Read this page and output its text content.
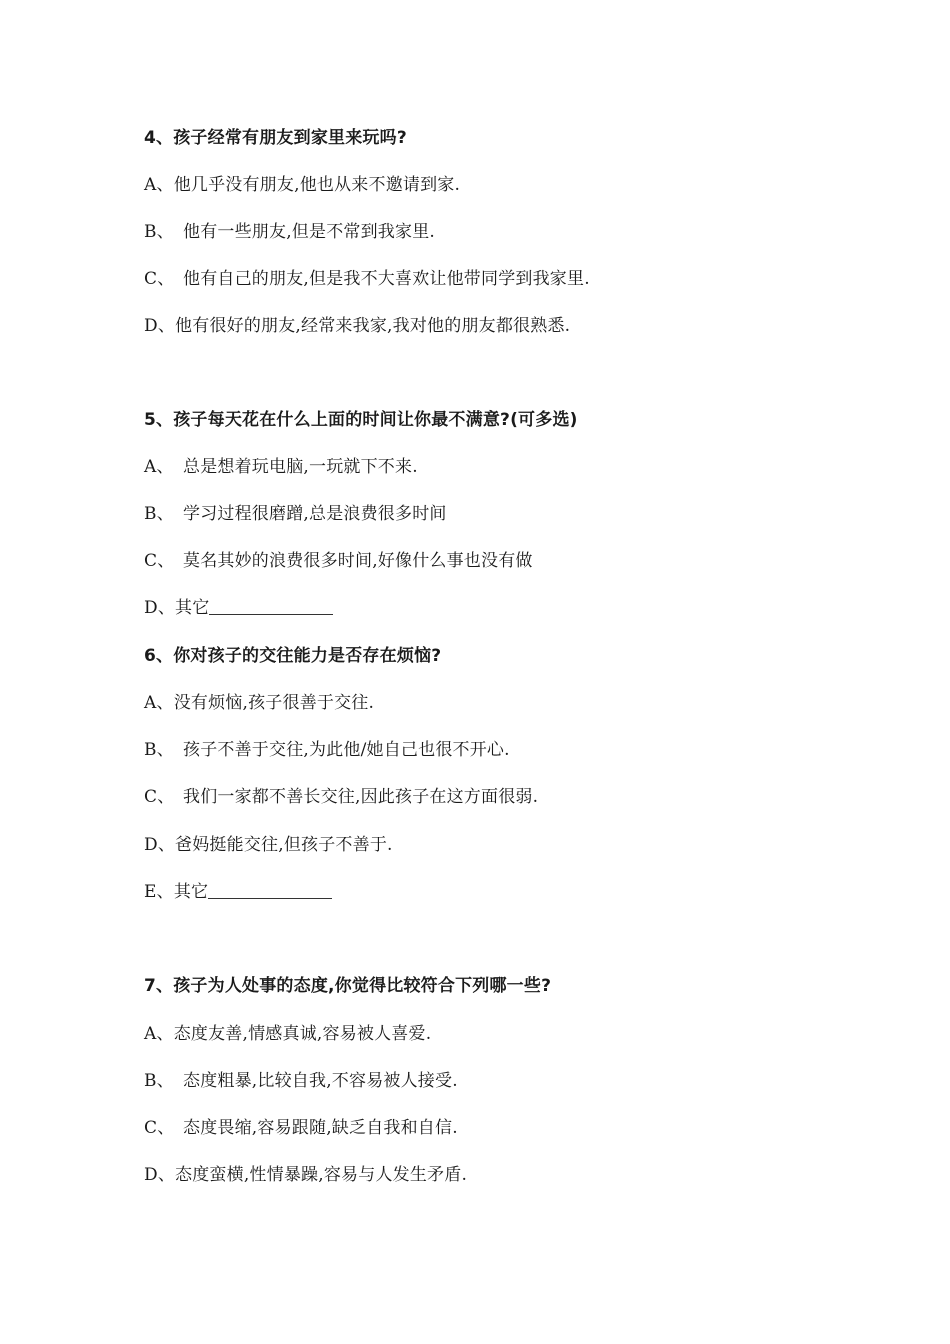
4、孩子经常有朋友到家里来玩吗?
A、他几乎没有朋友,他也从来不邀请到家.
B、 他有一些朋友,但是不常到我家里.
C、 他有自己的朋友,但是我不大喜欢让他带同学到我家里.
D、他有很好的朋友,经常来我家,我对他的朋友都很熟悉.
5、孩子每天花在什么上面的时间让你最不满意?(可多选)
A、 总是想着玩电脑,一玩就下不来.
B、 学习过程很磨蹭,总是浪费很多时间
C、 莫名其妙的浪费很多时间,好像什么事也没有做
D、其它
6、你对孩子的交往能力是否存在烦恼?
A、没有烦恼,孩子很善于交往.
B、 孩子不善于交往,为此他/她自己也很不开心.
C、 我们一家都不善长交往,因此孩子在这方面很弱.
D、爸妈挺能交往,但孩子不善于.
E、其它
7、孩子为人处事的态度,你觉得比较符合下列哪一些?
A、态度友善,情感真诚,容易被人喜爱.
B、 态度粗暴,比较自我,不容易被人接受.
C、 态度畏缩,容易跟随,缺乏自我和自信.
D、态度蛮横,性情暴躁,容易与人发生矛盾.
